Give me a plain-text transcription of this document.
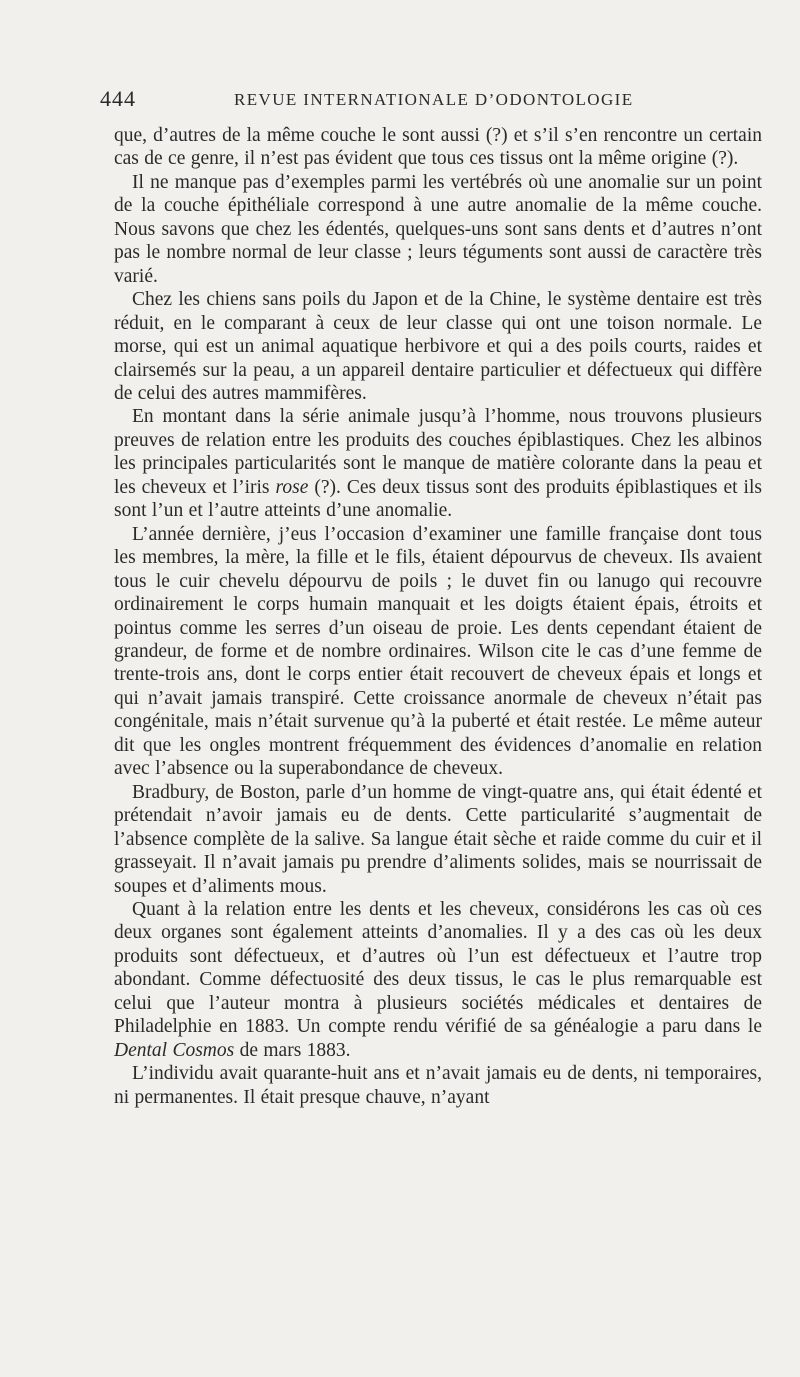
444	REVUE INTERNATIONALE D’ODONTOLOGIE

que, d’autres de la même couche le sont aussi (?) et s’il s’en rencontre un certain cas de ce genre, il n’est pas évident que tous ces tissus ont la même origine (?).

Il ne manque pas d’exemples parmi les vertébrés où une anomalie sur un point de la couche épithéliale correspond à une autre anomalie de la même couche. Nous savons que chez les édentés, quelques-uns sont sans dents et d’autres n’ont pas le nombre normal de leur classe ; leurs téguments sont aussi de caractère très varié.

Chez les chiens sans poils du Japon et de la Chine, le système dentaire est très réduit, en le comparant à ceux de leur classe qui ont une toison normale. Le morse, qui est un animal aquatique herbivore et qui a des poils courts, raides et clairsemés sur la peau, a un appareil dentaire particulier et défectueux qui diffère de celui des autres mammifères.

En montant dans la série animale jusqu’à l’homme, nous trouvons plusieurs preuves de relation entre les produits des couches épiblastiques. Chez les albinos les principales particularités sont le manque de matière colorante dans la peau et les cheveux et l’iris rose (?). Ces deux tissus sont des produits épiblastiques et ils sont l’un et l’autre atteints d’une anomalie.

L’année dernière, j’eus l’occasion d’examiner une famille française dont tous les membres, la mère, la fille et le fils, étaient dépourvus de cheveux. Ils avaient tous le cuir chevelu dépourvu de poils ; le duvet fin ou lanugo qui recouvre ordinairement le corps humain manquait et les doigts étaient épais, étroits et pointus comme les serres d’un oiseau de proie. Les dents cependant étaient de grandeur, de forme et de nombre ordinaires. Wilson cite le cas d’une femme de trente-trois ans, dont le corps entier était recouvert de cheveux épais et longs et qui n’avait jamais transpiré. Cette croissance anormale de cheveux n’était pas congénitale, mais n’était survenue qu’à la puberté et était restée. Le même auteur dit que les ongles montrent fréquemment des évidences d’anomalie en relation avec l’absence ou la superabondance de cheveux.

Bradbury, de Boston, parle d’un homme de vingt-quatre ans, qui était édenté et prétendait n’avoir jamais eu de dents. Cette particularité s’augmentait de l’absence complète de la salive. Sa langue était sèche et raide comme du cuir et il grasseyait. Il n’avait jamais pu prendre d’aliments solides, mais se nourrissait de soupes et d’aliments mous.

Quant à la relation entre les dents et les cheveux, considérons les cas où ces deux organes sont également atteints d’anomalies. Il y a des cas où les deux produits sont défectueux, et d’autres où l’un est défectueux et l’autre trop abondant. Comme défectuosité des deux tissus, le cas le plus remarquable est celui que l’auteur montra à plusieurs sociétés médicales et dentaires de Philadelphie en 1883. Un compte rendu vérifié de sa généalogie a paru dans le Dental Cosmos de mars 1883.

L’individu avait quarante-huit ans et n’avait jamais eu de dents, ni temporaires, ni permanentes. Il était presque chauve, n’ayant
